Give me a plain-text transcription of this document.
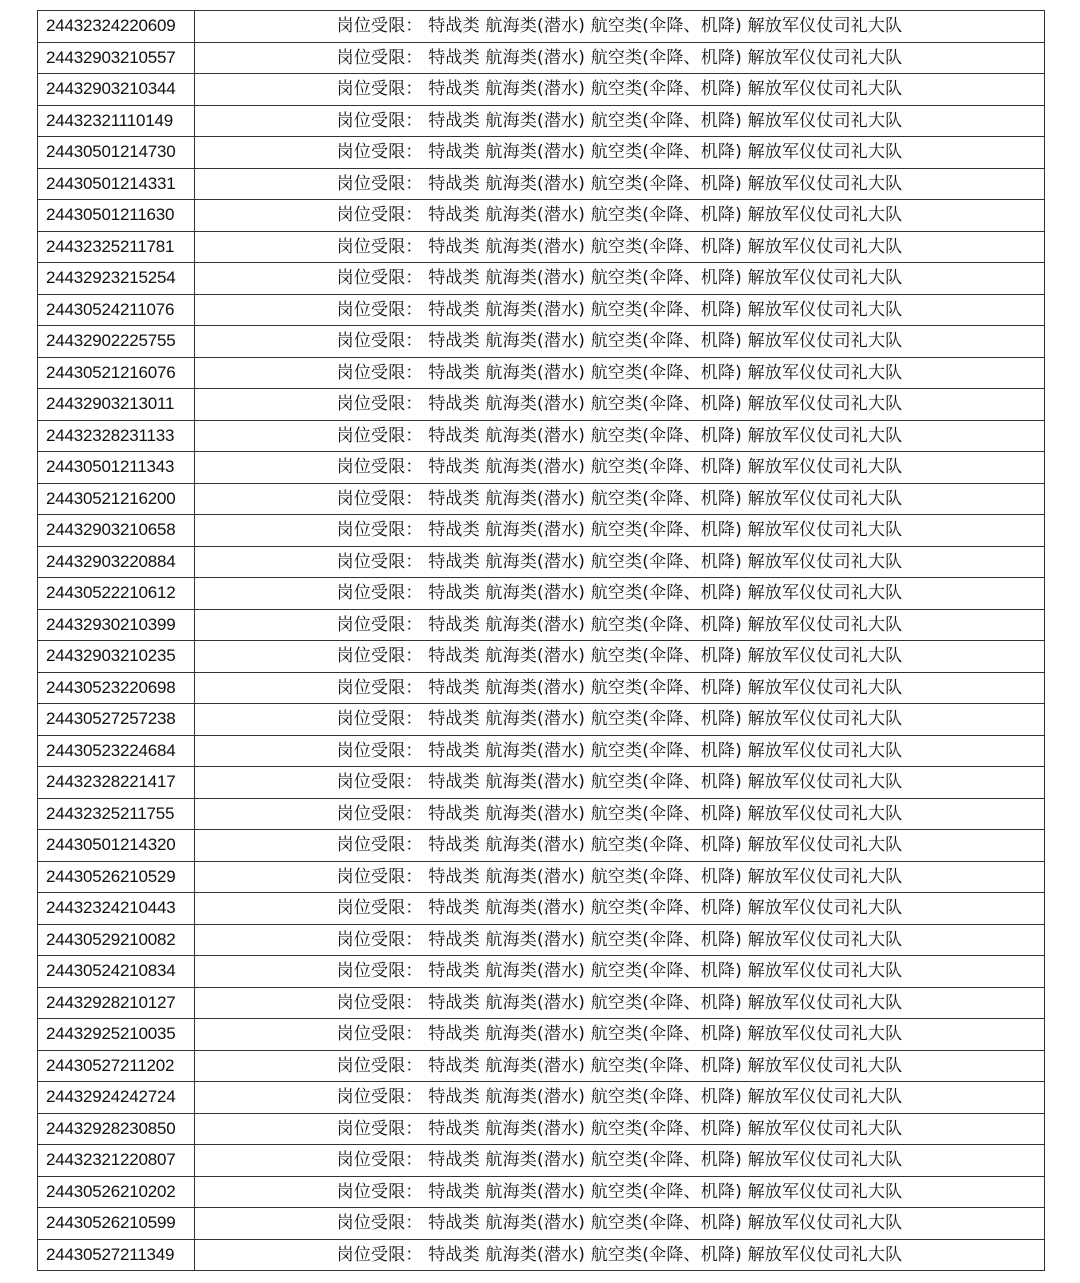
24432324220609	岗位受限： 特战类 航海类(潜水) 航空类(伞降、机降) 解放军仪仗司礼大队
24432903210557	岗位受限： 特战类 航海类(潜水) 航空类(伞降、机降) 解放军仪仗司礼大队
24432903210344	岗位受限： 特战类 航海类(潜水) 航空类(伞降、机降) 解放军仪仗司礼大队
24432321110149	岗位受限： 特战类 航海类(潜水) 航空类(伞降、机降) 解放军仪仗司礼大队
24430501214730	岗位受限： 特战类 航海类(潜水) 航空类(伞降、机降) 解放军仪仗司礼大队
24430501214331	岗位受限： 特战类 航海类(潜水) 航空类(伞降、机降) 解放军仪仗司礼大队
24430501211630	岗位受限： 特战类 航海类(潜水) 航空类(伞降、机降) 解放军仪仗司礼大队
24432325211781	岗位受限： 特战类 航海类(潜水) 航空类(伞降、机降) 解放军仪仗司礼大队
24432923215254	岗位受限： 特战类 航海类(潜水) 航空类(伞降、机降) 解放军仪仗司礼大队
24430524211076	岗位受限： 特战类 航海类(潜水) 航空类(伞降、机降) 解放军仪仗司礼大队
24432902225755	岗位受限： 特战类 航海类(潜水) 航空类(伞降、机降) 解放军仪仗司礼大队
24430521216076	岗位受限： 特战类 航海类(潜水) 航空类(伞降、机降) 解放军仪仗司礼大队
24432903213011	岗位受限： 特战类 航海类(潜水) 航空类(伞降、机降) 解放军仪仗司礼大队
24432328231133	岗位受限： 特战类 航海类(潜水) 航空类(伞降、机降) 解放军仪仗司礼大队
24430501211343	岗位受限： 特战类 航海类(潜水) 航空类(伞降、机降) 解放军仪仗司礼大队
24430521216200	岗位受限： 特战类 航海类(潜水) 航空类(伞降、机降) 解放军仪仗司礼大队
24432903210658	岗位受限： 特战类 航海类(潜水) 航空类(伞降、机降) 解放军仪仗司礼大队
24432903220884	岗位受限： 特战类 航海类(潜水) 航空类(伞降、机降) 解放军仪仗司礼大队
24430522210612	岗位受限： 特战类 航海类(潜水) 航空类(伞降、机降) 解放军仪仗司礼大队
24432930210399	岗位受限： 特战类 航海类(潜水) 航空类(伞降、机降) 解放军仪仗司礼大队
24432903210235	岗位受限： 特战类 航海类(潜水) 航空类(伞降、机降) 解放军仪仗司礼大队
24430523220698	岗位受限： 特战类 航海类(潜水) 航空类(伞降、机降) 解放军仪仗司礼大队
24430527257238	岗位受限： 特战类 航海类(潜水) 航空类(伞降、机降) 解放军仪仗司礼大队
24430523224684	岗位受限： 特战类 航海类(潜水) 航空类(伞降、机降) 解放军仪仗司礼大队
24432328221417	岗位受限： 特战类 航海类(潜水) 航空类(伞降、机降) 解放军仪仗司礼大队
24432325211755	岗位受限： 特战类 航海类(潜水) 航空类(伞降、机降) 解放军仪仗司礼大队
24430501214320	岗位受限： 特战类 航海类(潜水) 航空类(伞降、机降) 解放军仪仗司礼大队
24430526210529	岗位受限： 特战类 航海类(潜水) 航空类(伞降、机降) 解放军仪仗司礼大队
24432324210443	岗位受限： 特战类 航海类(潜水) 航空类(伞降、机降) 解放军仪仗司礼大队
24430529210082	岗位受限： 特战类 航海类(潜水) 航空类(伞降、机降) 解放军仪仗司礼大队
24430524210834	岗位受限： 特战类 航海类(潜水) 航空类(伞降、机降) 解放军仪仗司礼大队
24432928210127	岗位受限： 特战类 航海类(潜水) 航空类(伞降、机降) 解放军仪仗司礼大队
24432925210035	岗位受限： 特战类 航海类(潜水) 航空类(伞降、机降) 解放军仪仗司礼大队
24430527211202	岗位受限： 特战类 航海类(潜水) 航空类(伞降、机降) 解放军仪仗司礼大队
24432924242724	岗位受限： 特战类 航海类(潜水) 航空类(伞降、机降) 解放军仪仗司礼大队
24432928230850	岗位受限： 特战类 航海类(潜水) 航空类(伞降、机降) 解放军仪仗司礼大队
24432321220807	岗位受限： 特战类 航海类(潜水) 航空类(伞降、机降) 解放军仪仗司礼大队
24430526210202	岗位受限： 特战类 航海类(潜水) 航空类(伞降、机降) 解放军仪仗司礼大队
24430526210599	岗位受限： 特战类 航海类(潜水) 航空类(伞降、机降) 解放军仪仗司礼大队
24430527211349	岗位受限： 特战类 航海类(潜水) 航空类(伞降、机降) 解放军仪仗司礼大队
